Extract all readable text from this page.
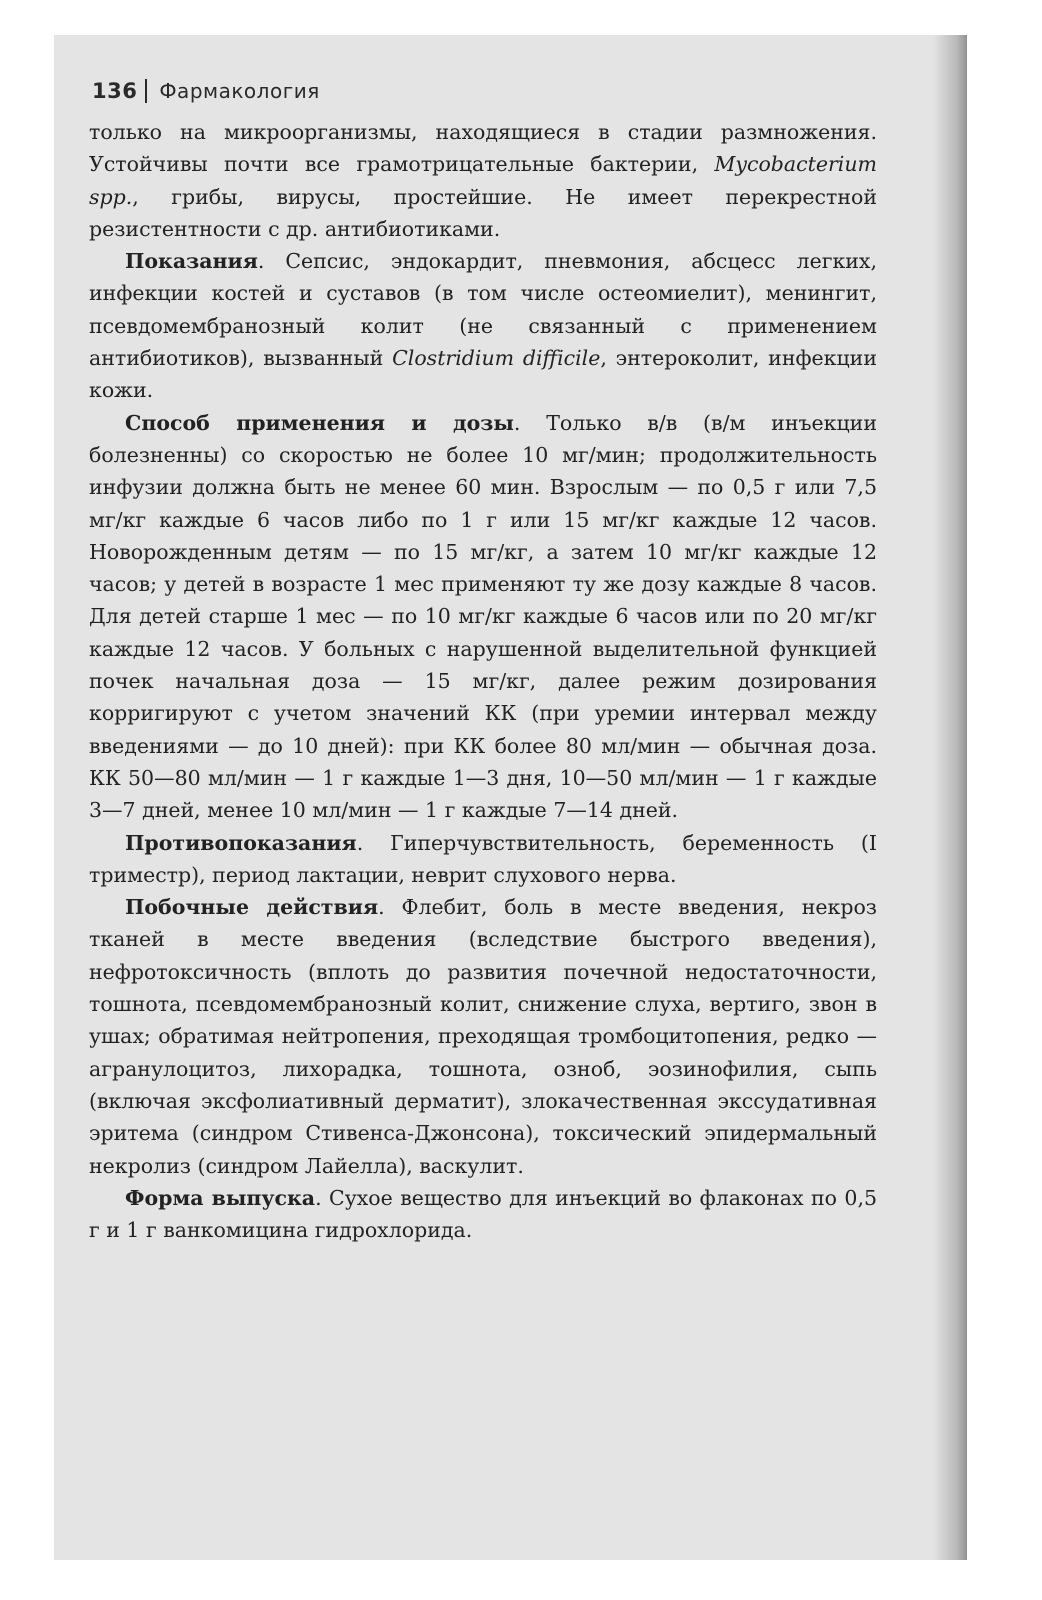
136 Фармакология

только на микроорганизмы, находящиеся в стадии размножения. Устойчивы почти все грамотрицательные бактерии, Mycobacterium spp., грибы, вирусы, простейшие. Не имеет перекрестной резистентности с др. антибиотиками.

Показания. Сепсис, эндокардит, пневмония, абсцесс легких, инфекции костей и суставов (в том числе остеомиелит), менингит, псевдомембранозный колит (не связанный с применением антибиотиков), вызванный Clostridium difficile, энтероколит, инфекции кожи.

Способ применения и дозы. Только в/в (в/м инъекции болезненны) со скоростью не более 10 мг/мин; продолжительность инфузии должна быть не менее 60 мин. Взрослым — по 0,5 г или 7,5 мг/кг каждые 6 часов либо по 1 г или 15 мг/кг каждые 12 часов. Новорожденным детям — по 15 мг/кг, а затем 10 мг/кг каждые 12 часов; у детей в возрасте 1 мес применяют ту же дозу каждые 8 часов. Для детей старше 1 мес — по 10 мг/кг каждые 6 часов или по 20 мг/кг каждые 12 часов. У больных с нарушенной выделительной функцией почек начальная доза — 15 мг/кг, далее режим дозирования корригируют с учетом значений КК (при уремии интервал между введениями — до 10 дней): при КК более 80 мл/мин — обычная доза. КК 50—80 мл/мин — 1 г каждые 1—3 дня, 10—50 мл/мин — 1 г каждые 3—7 дней, менее 10 мл/мин — 1 г каждые 7—14 дней.

Противопоказания. Гиперчувствительность, беременность (I триместр), период лактации, неврит слухового нерва.

Побочные действия. Флебит, боль в месте введения, некроз тканей в месте введения (вследствие быстрого введения), нефротоксичность (вплоть до развития почечной недостаточности, тошнота, псевдомембранозный колит, снижение слуха, вертиго, звон в ушах; обратимая нейтропения, преходящая тромбоцитопения, редко — агранулоцитоз, лихорадка, тошнота, озноб, эозинофилия, сыпь (включая эксфолиативный дерматит), злокачественная экссудативная эритема (синдром Стивенса-Джонсона), токсический эпидермальный некролиз (синдром Лайелла), васкулит.

Форма выпуска. Сухое вещество для инъекций во флаконах по 0,5 г и 1 г ванкомицина гидрохлорида.
